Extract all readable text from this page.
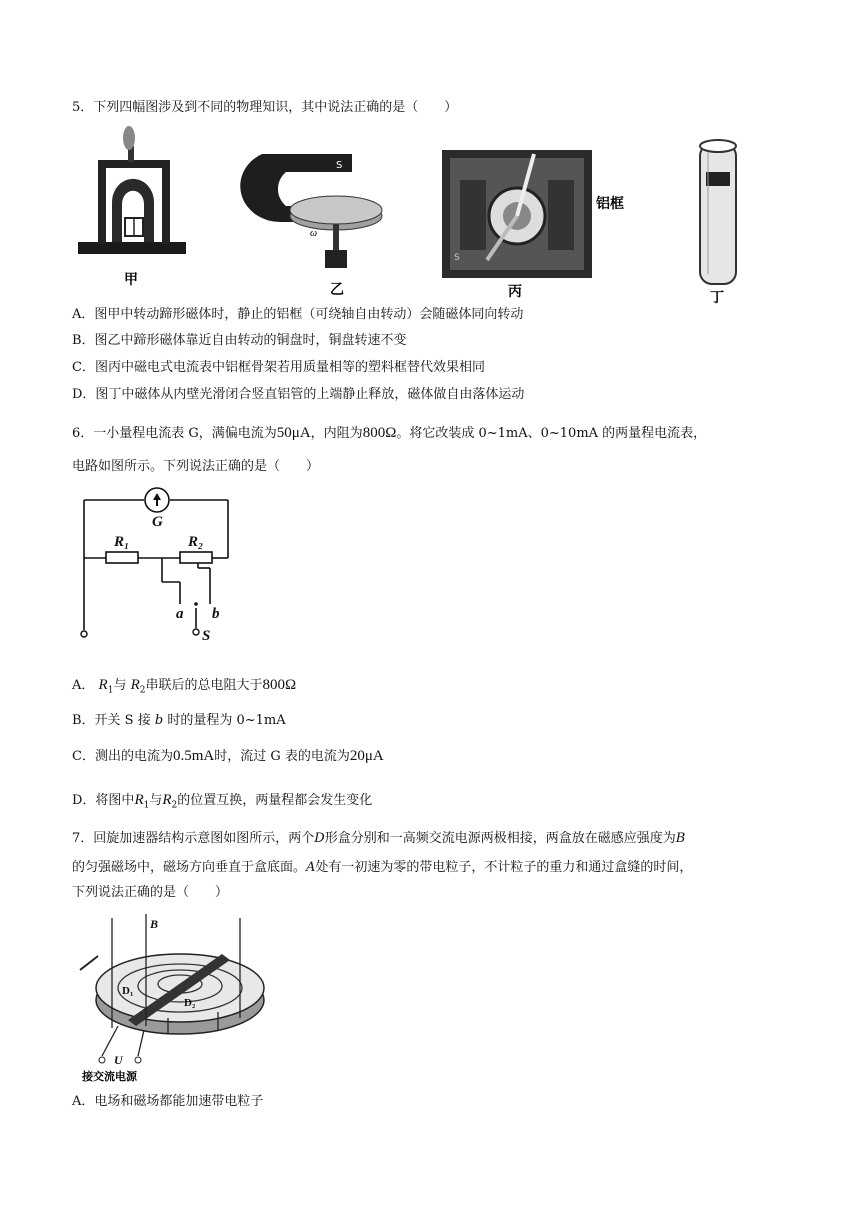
5．下列四幅图涉及到不同的物理知识，其中说法正确的是（　　）
甲
S
ω
乙
S
铝框
丙	丁
A．图甲中转动蹄形磁体时，静止的铝框（可绕轴自由转动）会随磁体同向转动
B．图乙中蹄形磁体靠近自由转动的铜盘时，铜盘转速不变
C．图丙中磁电式电流表中铝框骨架若用质量相等的塑料框替代效果相同
D．图丁中磁体从内壁光滑闭合竖直铝管的上端静止释放，磁体做自由落体运动
6．一小量程电流表 G，满偏电流为50μA，内阻为800Ω。将它改装成 0~1mA、0~10mA 的两量程电流表，
电路如图所示。下列说法正确的是（　　）
G
R₁	R₂
a b
S
A． $R_1$与 $R_2$串联后的总电阻大于800Ω
B．开关 S 接 b 时的量程为 0~1mA
C．测出的电流为0.5mA时，流过 G 表的电流为20μA
D．将图中$R_1$与$R_2$的位置互换，两量程都会发生变化
7．回旋加速器结构示意图如图所示，两个D形盒分别和一高频交流电源两极相接，两盒放在磁感应强度为B
的匀强磁场中，磁场方向垂直于盒底面。A处有一初速为零的带电粒子，不计粒子的重力和通过盒缝的时间，
下列说法正确的是（　　）
B
D₁
D₂
U
接交流电源
A．电场和磁场都能加速带电粒子
